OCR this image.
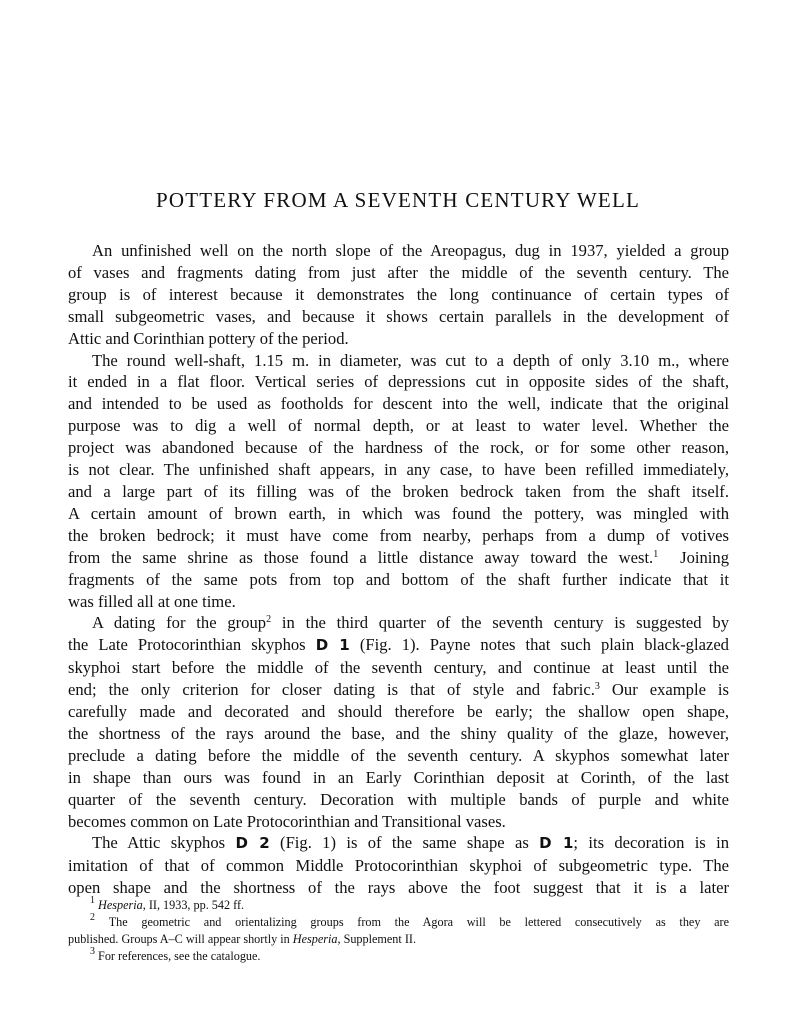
POTTERY FROM A SEVENTH CENTURY WELL

An unfinished well on the north slope of the Areopagus, dug in 1937, yielded a group
of vases and fragments dating from just after the middle of the seventh century. The
group is of interest because it demonstrates the long continuance of certain types of
small subgeometric vases, and because it shows certain parallels in the development of
Attic and Corinthian pottery of the period.

The round well-shaft, 1.15 m. in diameter, was cut to a depth of only 3.10 m., where
it ended in a flat floor. Vertical series of depressions cut in opposite sides of the shaft,
and intended to be used as footholds for descent into the well, indicate that the original
purpose was to dig a well of normal depth, or at least to water level. Whether the
project was abandoned because of the hardness of the rock, or for some other reason,
is not clear. The unfinished shaft appears, in any case, to have been refilled immediately,
and a large part of its filling was of the broken bedrock taken from the shaft itself.
A certain amount of brown earth, in which was found the pottery, was mingled with
the broken bedrock; it must have come from nearby, perhaps from a dump of votives
from the same shrine as those found a little distance away toward the west.$^1$ Joining
fragments of the same pots from top and bottom of the shaft further indicate that it
was filled all at one time.

A dating for the group$^2$ in the third quarter of the seventh century is suggested by
the Late Protocorinthian skyphos D 1 (Fig. 1). Payne notes that such plain black-glazed
skyphoi start before the middle of the seventh century, and continue at least until the
end; the only criterion for closer dating is that of style and fabric.$^3$ Our example is
carefully made and decorated and should therefore be early; the shallow open shape,
the shortness of the rays around the base, and the shiny quality of the glaze, however,
preclude a dating before the middle of the seventh century. A skyphos somewhat later
in shape than ours was found in an Early Corinthian deposit at Corinth, of the last
quarter of the seventh century. Decoration with multiple bands of purple and white
becomes common on Late Protocorinthian and Transitional vases.

The Attic skyphos D 2 (Fig. 1) is of the same shape as D 1; its decoration is in
imitation of that of common Middle Protocorinthian skyphoi of subgeometric type. The
open shape and the shortness of the rays above the foot suggest that it is a later

$^1$ Hesperia, II, 1933, pp. 542 ff.
$^2$ The geometric and orientalizing groups from the Agora will be lettered consecutively as they are
published. Groups A–C will appear shortly in Hesperia, Supplement II.
$^3$ For references, see the catalogue.
